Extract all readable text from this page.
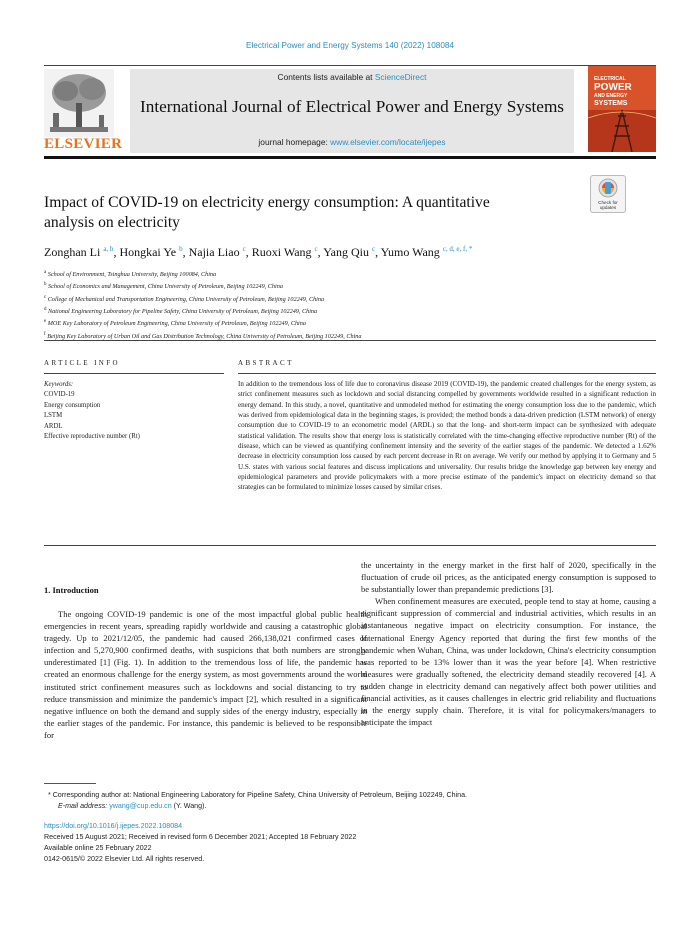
Electrical Power and Energy Systems 140 (2022) 108084
ELSEVIER
Contents lists available at ScienceDirect
International Journal of Electrical Power and Energy Systems
journal homepage: www.elsevier.com/locate/ijepes
ELECTRICAL
POWER
AND ENERGY
SYSTEMS
Impact of COVID-19 on electricity energy consumption: A quantitative
analysis on electricity
Check for
updates
Zonghan Li $^{a, b}$, Hongkai Ye $^b$, Najia Liao $^c$, Ruoxi Wang $^c$, Yang Qiu $^c$, Yumo Wang $^{c, d, e, f, *}$
$^a$ School of Environment, Tsinghua University, Beijing 100084, China
$^b$ School of Economics and Management, China University of Petroleum, Beijing 102249, China
$^c$ College of Mechanical and Transportation Engineering, China University of Petroleum, Beijing 102249, China
$^d$ National Engineering Laboratory for Pipeline Safety, China University of Petroleum, Beijing 102249, China
$^e$ MOE Key Laboratory of Petroleum Engineering, China University of Petroleum, Beijing 102249, China
$^f$ Beijing Key Laboratory of Urban Oil and Gas Distribution Technology, China University of Petroleum, Beijing 102249, China
ARTICLE INFO	ABSTRACT
Keywords:
COVID-19
Energy consumption
LSTM
ARDL
Effective reproductive number (Rt)
In addition to the tremendous loss of life due to coronavirus disease 2019 (COVID-19), the pandemic created challenges for the energy system, as strict confinement measures such as lockdown and social distancing compelled by governments worldwide resulted in a significant reduction in energy demand. In this study, a novel, quantitative and unmodeled method for estimating the energy consumption loss due to the pandemic, which was derived from epidemiological data in the beginning stages, is provided; the method bonds a data-driven prediction (LSTM network) of energy consumption due to COVID-19 to an econometric model (ARDL) so that the long- and short-term impact can be synthesized with adequate statistical validation. The results show that energy loss is statistically correlated with the time-changing effective reproductive number (Rt) of the disease, which can be viewed as quantifying confinement intensity and the severity of the earlier stages of the pandemic. We detected a 1.62% decrease in electricity consumption loss caused by each percent decrease in Rt on average. We verify our method by applying it to Germany and 5 U.S. states with various social features and discuss implications and universality. Our results bridge the knowledge gap between key energy and epidemiological parameters and provide policymakers with a more precise estimate of the pandemic's impact on electricity demand so that strategies can be formulated to minimize losses caused by similar crises.
1. Introduction

The ongoing COVID-19 pandemic is one of the most impactful global public health emergencies in recent years, spreading rapidly worldwide and causing a catastrophic global tragedy. Up to 2021/12/05, the pandemic had caused 266,138,021 confirmed cases of infection and 5,270,900 confirmed deaths, with suspicions that both numbers are strongly underestimated [1] (Fig. 1). In addition to the tremendous loss of life, the pandemic has created an enormous challenge for the energy system, as most governments around the world instituted strict confinement measures such as lockdowns and social distancing to try to reduce transmission and minimize the pandemic's impact [2], which resulted in a significant negative influence on both the demand and supply sides of the energy industry, especially in the earlier stages of the pandemic. For instance, this pandemic is believed to be responsible for

the uncertainty in the energy market in the first half of 2020, specifically in the fluctuation of crude oil prices, as the anticipated energy consumption is supposed to be substantially lower than prepandemic predictions [3].

When confinement measures are executed, people tend to stay at home, causing a significant suppression of commercial and industrial activities, which results in an instantaneous negative impact on electricity consumption. For instance, the International Energy Agency reported that during the first few months of the pandemic when Wuhan, China, was under lockdown, China's electricity consumption was reported to be 13% lower than it was the year before [4]. When restrictive measures were gradually softened, the electricity demand steadily recovered [4]. A sudden change in electricity demand can negatively affect both power utilities and financial activities, as it causes challenges in electric grid reliability and fluctuations in the energy supply chain. Therefore, it is vital for policymakers/managers to anticipate the impact

* Corresponding author at: National Engineering Laboratory for Pipeline Safety, China University of Petroleum, Beijing 102249, China.
E-mail address: ywang@cup.edu.cn (Y. Wang).
https://doi.org/10.1016/j.ijepes.2022.108084
Received 15 August 2021; Received in revised form 6 December 2021; Accepted 18 February 2022
Available online 25 February 2022
0142-0615/© 2022 Elsevier Ltd. All rights reserved.
